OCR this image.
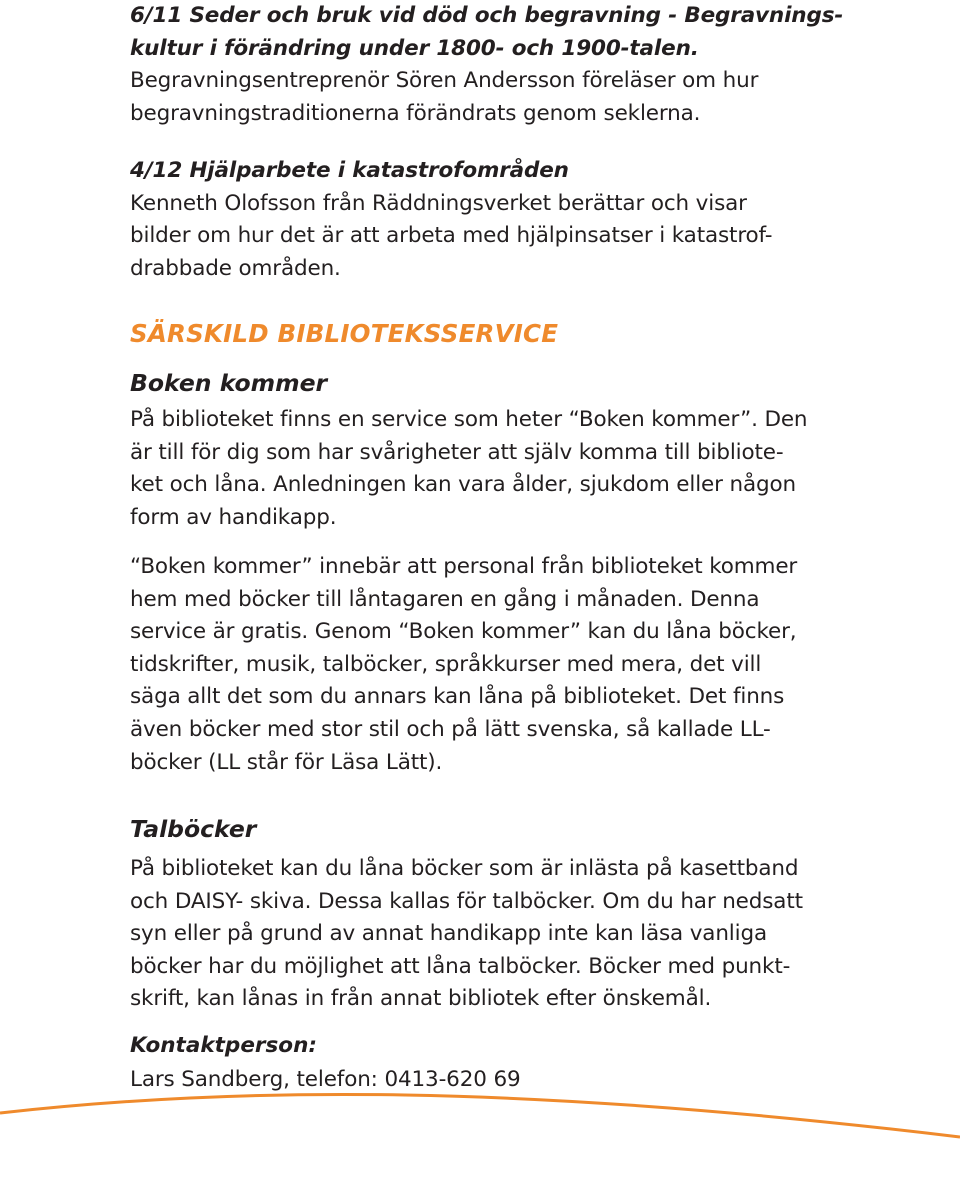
6/11 Seder och bruk vid död och begravning - Begravnings-
kultur i förändring under 1800- och 1900-talen.
Begravningsentreprenör Sören Andersson föreläser om hur
begravningstraditionerna förändrats genom seklerna.
4/12 Hjälparbete i katastrofområden
Kenneth Olofsson från Räddningsverket berättar och visar
bilder om hur det är att arbeta med hjälpinsatser i katastrof-
drabbade områden.
SÄRSKILD BIBLIOTEKSSERVICE
Boken kommer
På biblioteket finns en service som heter “Boken kommer”. Den
är till för dig som har svårigheter att själv komma till bibliote-
ket och låna. Anledningen kan vara ålder, sjukdom eller någon
form av handikapp.
“Boken kommer” innebär att personal från biblioteket kommer
hem med böcker till låntagaren en gång i månaden. Denna
service är gratis. Genom “Boken kommer” kan du låna böcker,
tidskrifter, musik, talböcker, språkkurser med mera, det vill
säga allt det som du annars kan låna på biblioteket. Det finns
även böcker med stor stil och på lätt svenska, så kallade LL-
böcker (LL står för Läsa Lätt).
Talböcker
På biblioteket kan du låna böcker som är inlästa på kasettband
och DAISY- skiva. Dessa kallas för talböcker. Om du har nedsatt
syn eller på grund av annat handikapp inte kan läsa vanliga
böcker har du möjlighet att låna talböcker. Böcker med punkt-
skrift, kan lånas in från annat bibliotek efter önskemål.
Kontaktperson:
Lars Sandberg, telefon: 0413-620 69
